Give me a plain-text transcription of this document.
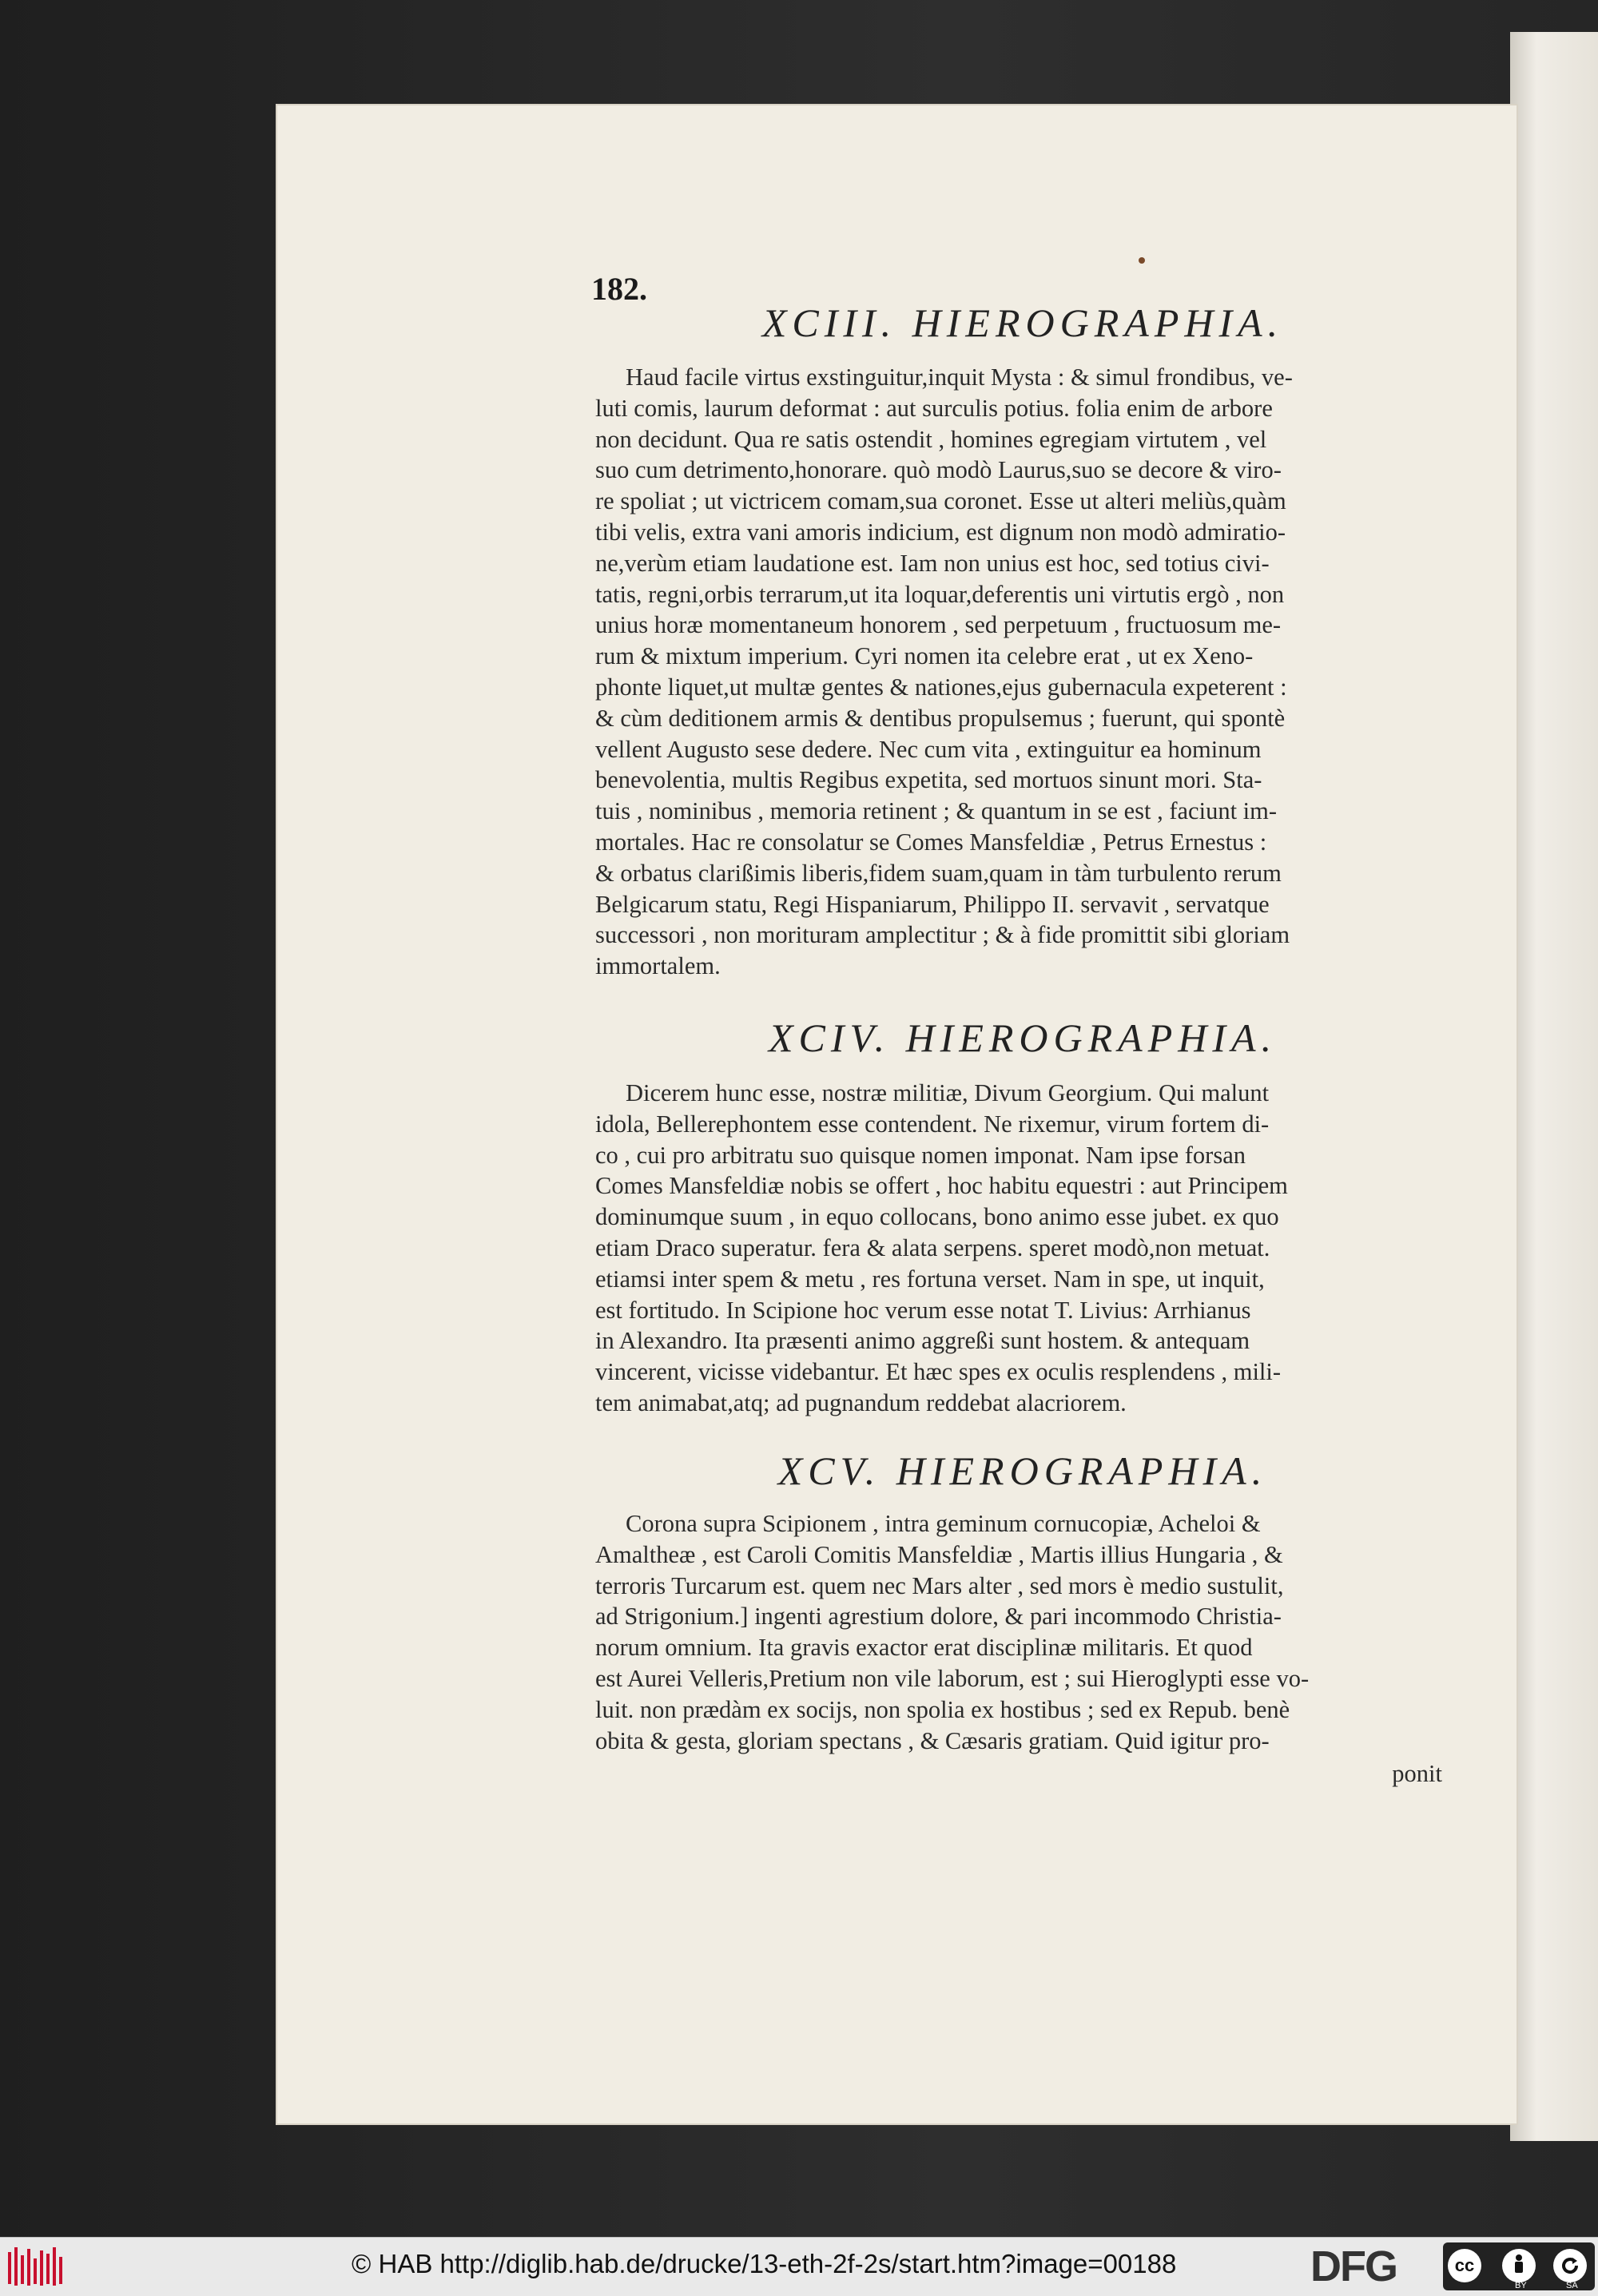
182.
XCIII. HIEROGRAPHIA.
Haud facile virtus exstinguitur,inquit Mysta : & simul frondibus, ve-
luti comis, laurum deformat : aut surculis potius. folia enim de arbore
non decidunt. Qua re satis ostendit , homines egregiam virtutem , vel
suo cum detrimento,honorare. quò modò Laurus,suo se decore & viro-
re spoliat ; ut victricem comam,sua coronet. Esse ut alteri meliùs,quàm
tibi velis, extra vani amoris indicium, est dignum non modò admiratio-
ne,verùm etiam laudatione est. Iam non unius est hoc, sed totius civi-
tatis, regni,orbis terrarum,ut ita loquar,deferentis uni virtutis ergò , non
unius horæ momentaneum honorem , sed perpetuum , fructuosum me-
rum & mixtum imperium. Cyri nomen ita celebre erat , ut ex Xeno-
phonte liquet,ut multæ gentes & nationes,ejus gubernacula expeterent :
& cùm deditionem armis & dentibus propulsemus ; fuerunt, qui spontè
vellent Augusto sese dedere. Nec cum vita , extinguitur ea hominum
benevolentia, multis Regibus expetita, sed mortuos sinunt mori. Sta-
tuis , nominibus , memoria retinent ; & quantum in se est , faciunt im-
mortales. Hac re consolatur se Comes Mansfeldiæ , Petrus Ernestus :
& orbatus clarißimis liberis,fidem suam,quam in tàm turbulento rerum
Belgicarum statu, Regi Hispaniarum, Philippo II. servavit , servatque
successori , non morituram amplectitur ; & à fide promittit sibi gloriam
immortalem.
XCIV. HIEROGRAPHIA.
Dicerem hunc esse, nostræ militiæ, Divum Georgium. Qui malunt
idola, Bellerephontem esse contendent. Ne rixemur, virum fortem di-
co , cui pro arbitratu suo quisque nomen imponat. Nam ipse forsan
Comes Mansfeldiæ nobis se offert , hoc habitu equestri : aut Principem
dominumque suum , in equo collocans, bono animo esse jubet. ex quo
etiam Draco superatur. fera & alata serpens. speret modò,non metuat.
etiamsi inter spem & metu , res fortuna verset. Nam in spe, ut inquit,
est fortitudo. In Scipione hoc verum esse notat T. Livius: Arrhianus
in Alexandro. Ita præsenti animo aggreßi sunt hostem. & antequam
vincerent, vicisse videbantur. Et hæc spes ex oculis resplendens , mili-
tem animabat,atq; ad pugnandum reddebat alacriorem.
XCV. HIEROGRAPHIA.
Corona supra Scipionem , intra geminum cornucopiæ, Acheloi &
Amaltheæ , est Caroli Comitis Mansfeldiæ , Martis illius Hungaria , &
terroris Turcarum est. quem nec Mars alter , sed mors è medio sustulit,
ad Strigonium.] ingenti agrestium dolore, & pari incommodo Christia-
norum omnium. Ita gravis exactor erat disciplinæ militaris. Et quod
est Aurei Velleris,Pretium non vile laborum, est ; sui Hieroglypti esse vo-
luit. non prædàm ex socijs, non spolia ex hostibus ; sed ex Repub. benè
obita & gesta, gloriam spectans , & Cæsaris gratiam. Quid igitur pro-
ponit
© HAB http://diglib.hab.de/drucke/13-eth-2f-2s/start.htm?image=00188	DFG	cc
BY	SA
